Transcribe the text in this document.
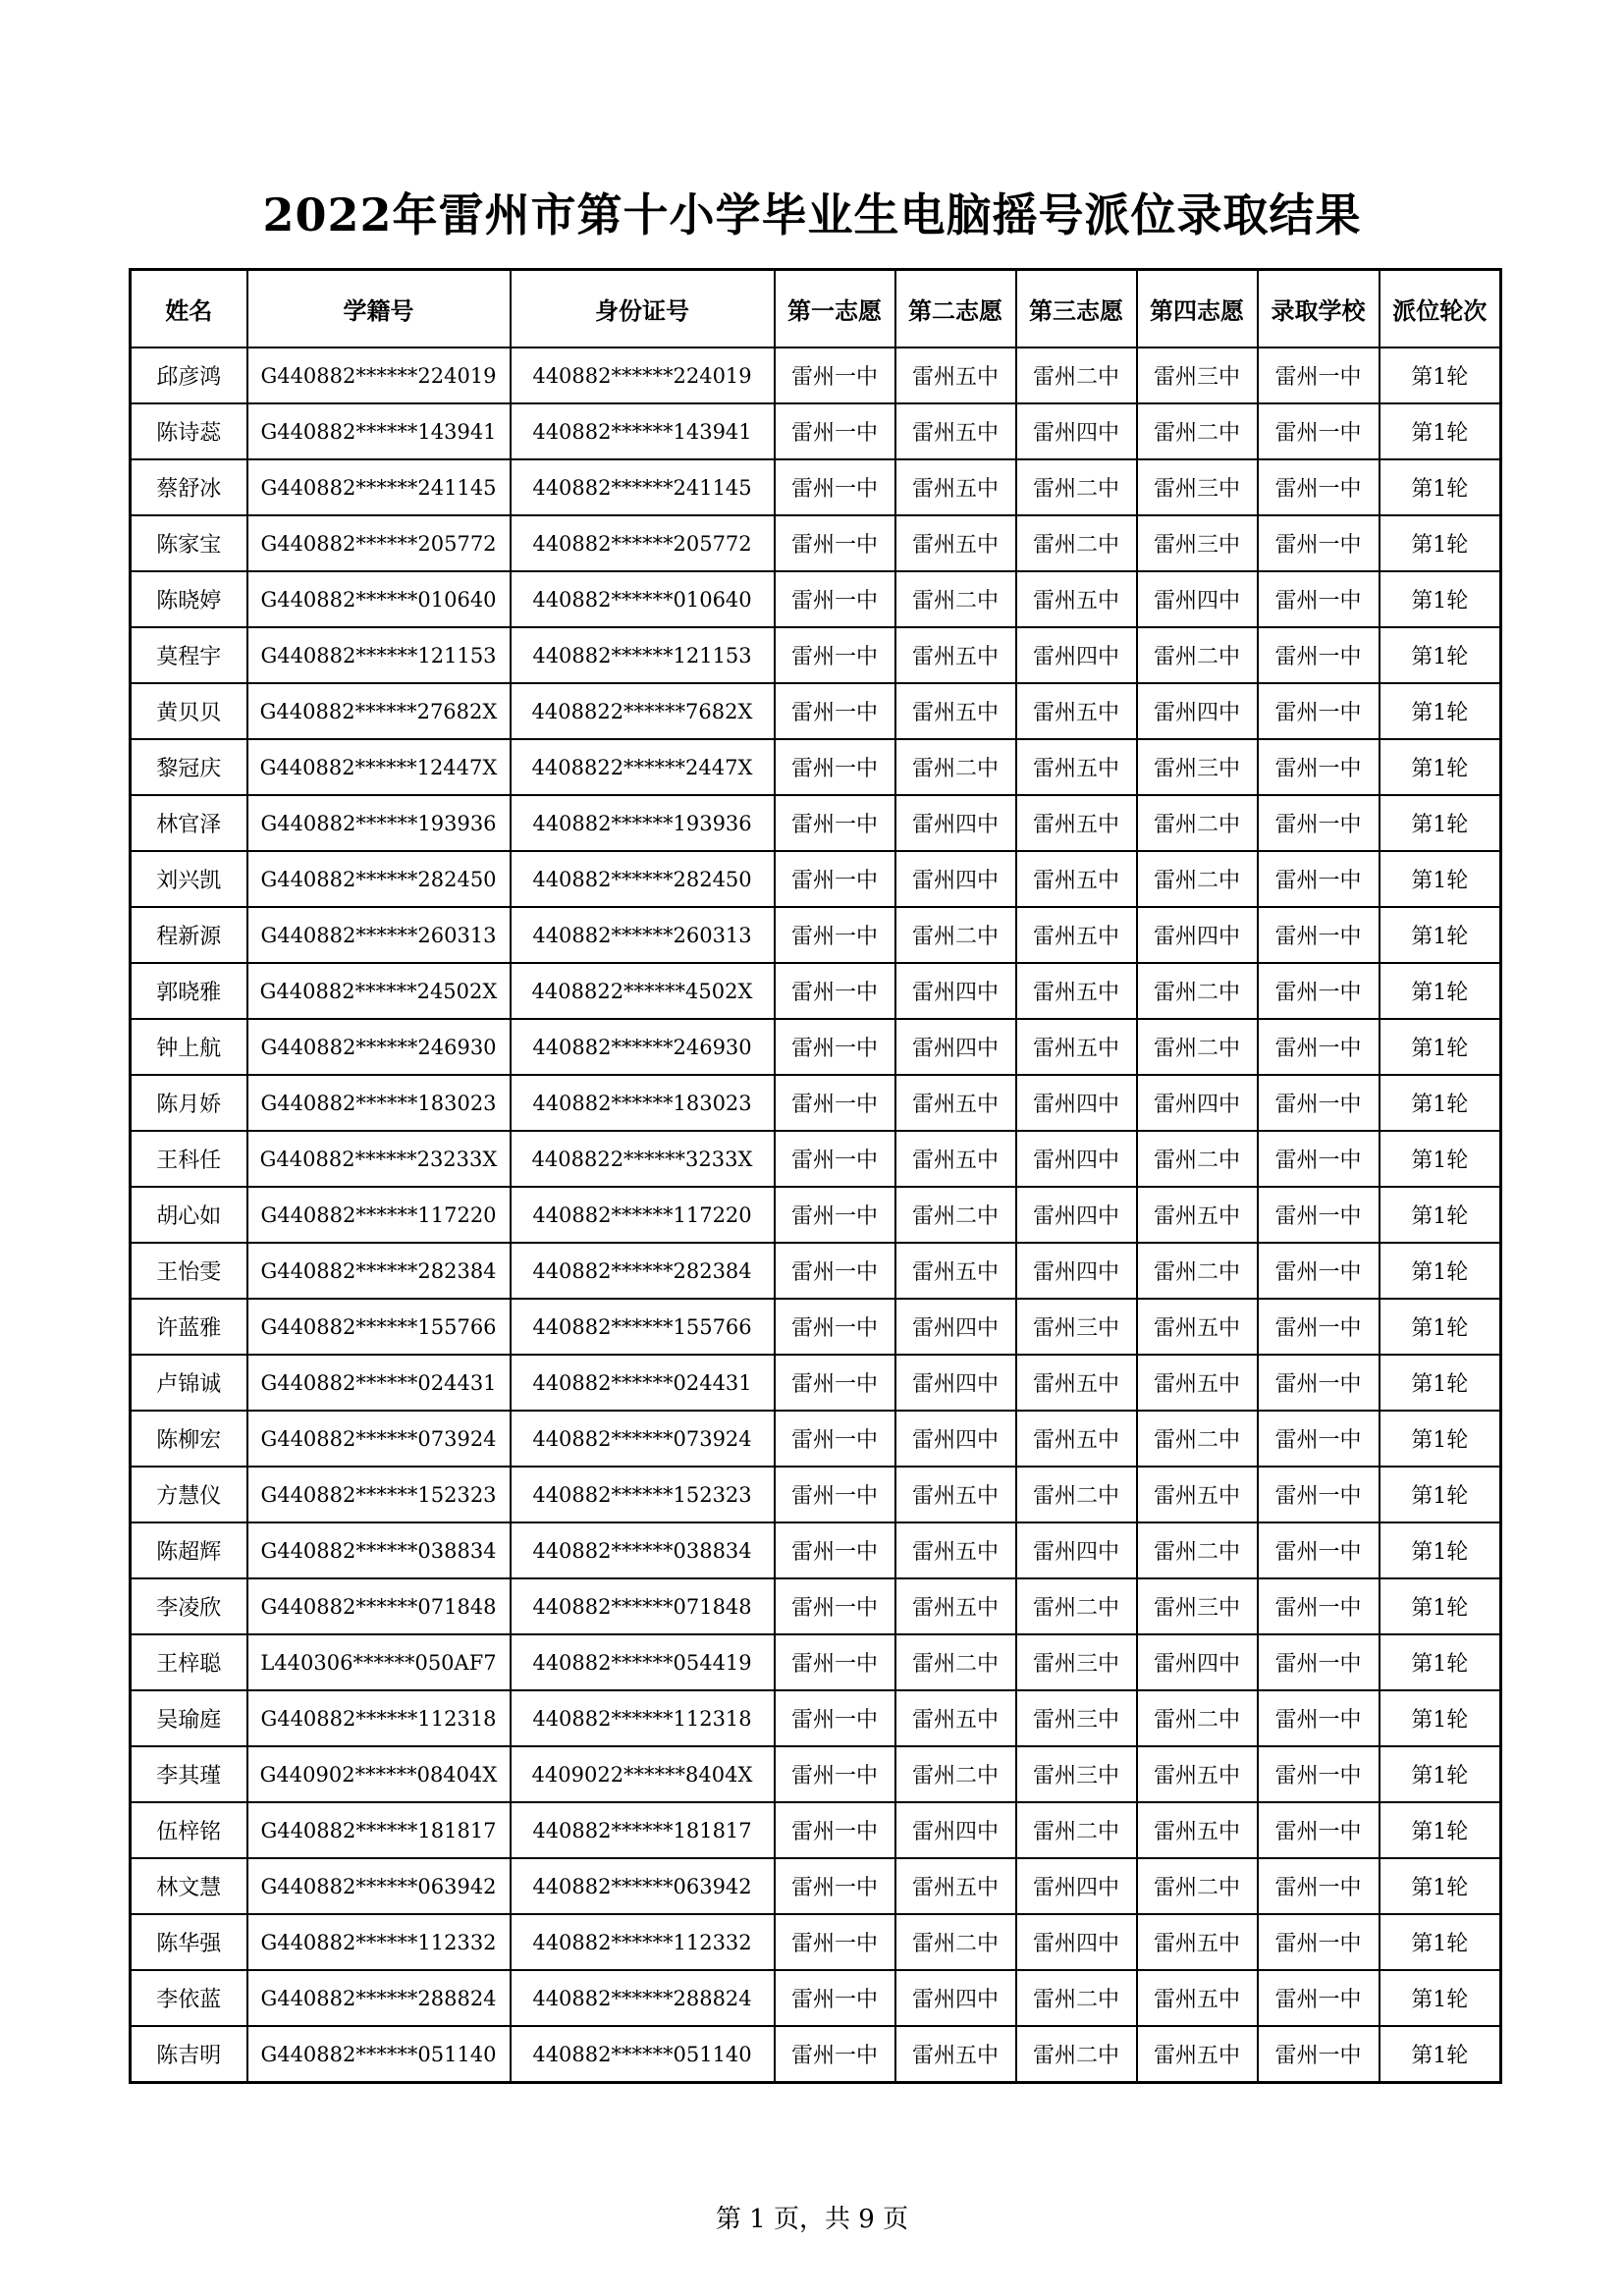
2022年雷州市第十小学毕业生电脑摇号派位录取结果
姓名	学籍号	身份证号	第一志愿	第二志愿	第三志愿	第四志愿	录取学校	派位轮次
邱彦鸿	G440882******224019	440882******224019	雷州一中	雷州五中	雷州二中	雷州三中	雷州一中	第1轮
陈诗蕊	G440882******143941	440882******143941	雷州一中	雷州五中	雷州四中	雷州二中	雷州一中	第1轮
蔡舒冰	G440882******241145	440882******241145	雷州一中	雷州五中	雷州二中	雷州三中	雷州一中	第1轮
陈家宝	G440882******205772	440882******205772	雷州一中	雷州五中	雷州二中	雷州三中	雷州一中	第1轮
陈晓婷	G440882******010640	440882******010640	雷州一中	雷州二中	雷州五中	雷州四中	雷州一中	第1轮
莫程宇	G440882******121153	440882******121153	雷州一中	雷州五中	雷州四中	雷州二中	雷州一中	第1轮
黄贝贝	G440882******27682X	4408822******7682X	雷州一中	雷州五中	雷州五中	雷州四中	雷州一中	第1轮
黎冠庆	G440882******12447X	4408822******2447X	雷州一中	雷州二中	雷州五中	雷州三中	雷州一中	第1轮
林官泽	G440882******193936	440882******193936	雷州一中	雷州四中	雷州五中	雷州二中	雷州一中	第1轮
刘兴凯	G440882******282450	440882******282450	雷州一中	雷州四中	雷州五中	雷州二中	雷州一中	第1轮
程新源	G440882******260313	440882******260313	雷州一中	雷州二中	雷州五中	雷州四中	雷州一中	第1轮
郭晓雅	G440882******24502X	4408822******4502X	雷州一中	雷州四中	雷州五中	雷州二中	雷州一中	第1轮
钟上航	G440882******246930	440882******246930	雷州一中	雷州四中	雷州五中	雷州二中	雷州一中	第1轮
陈月娇	G440882******183023	440882******183023	雷州一中	雷州五中	雷州四中	雷州四中	雷州一中	第1轮
王科任	G440882******23233X	4408822******3233X	雷州一中	雷州五中	雷州四中	雷州二中	雷州一中	第1轮
胡心如	G440882******117220	440882******117220	雷州一中	雷州二中	雷州四中	雷州五中	雷州一中	第1轮
王怡雯	G440882******282384	440882******282384	雷州一中	雷州五中	雷州四中	雷州二中	雷州一中	第1轮
许蓝雅	G440882******155766	440882******155766	雷州一中	雷州四中	雷州三中	雷州五中	雷州一中	第1轮
卢锦诚	G440882******024431	440882******024431	雷州一中	雷州四中	雷州五中	雷州五中	雷州一中	第1轮
陈柳宏	G440882******073924	440882******073924	雷州一中	雷州四中	雷州五中	雷州二中	雷州一中	第1轮
方慧仪	G440882******152323	440882******152323	雷州一中	雷州五中	雷州二中	雷州五中	雷州一中	第1轮
陈超辉	G440882******038834	440882******038834	雷州一中	雷州五中	雷州四中	雷州二中	雷州一中	第1轮
李凌欣	G440882******071848	440882******071848	雷州一中	雷州五中	雷州二中	雷州三中	雷州一中	第1轮
王梓聪	L440306******050AF7	440882******054419	雷州一中	雷州二中	雷州三中	雷州四中	雷州一中	第1轮
吴瑜庭	G440882******112318	440882******112318	雷州一中	雷州五中	雷州三中	雷州二中	雷州一中	第1轮
李其瑾	G440902******08404X	4409022******8404X	雷州一中	雷州二中	雷州三中	雷州五中	雷州一中	第1轮
伍梓铭	G440882******181817	440882******181817	雷州一中	雷州四中	雷州二中	雷州五中	雷州一中	第1轮
林文慧	G440882******063942	440882******063942	雷州一中	雷州五中	雷州四中	雷州二中	雷州一中	第1轮
陈华强	G440882******112332	440882******112332	雷州一中	雷州二中	雷州四中	雷州五中	雷州一中	第1轮
李依蓝	G440882******288824	440882******288824	雷州一中	雷州四中	雷州二中	雷州五中	雷州一中	第1轮
陈吉明	G440882******051140	440882******051140	雷州一中	雷州五中	雷州二中	雷州五中	雷州一中	第1轮
第 1 页，共 9 页
